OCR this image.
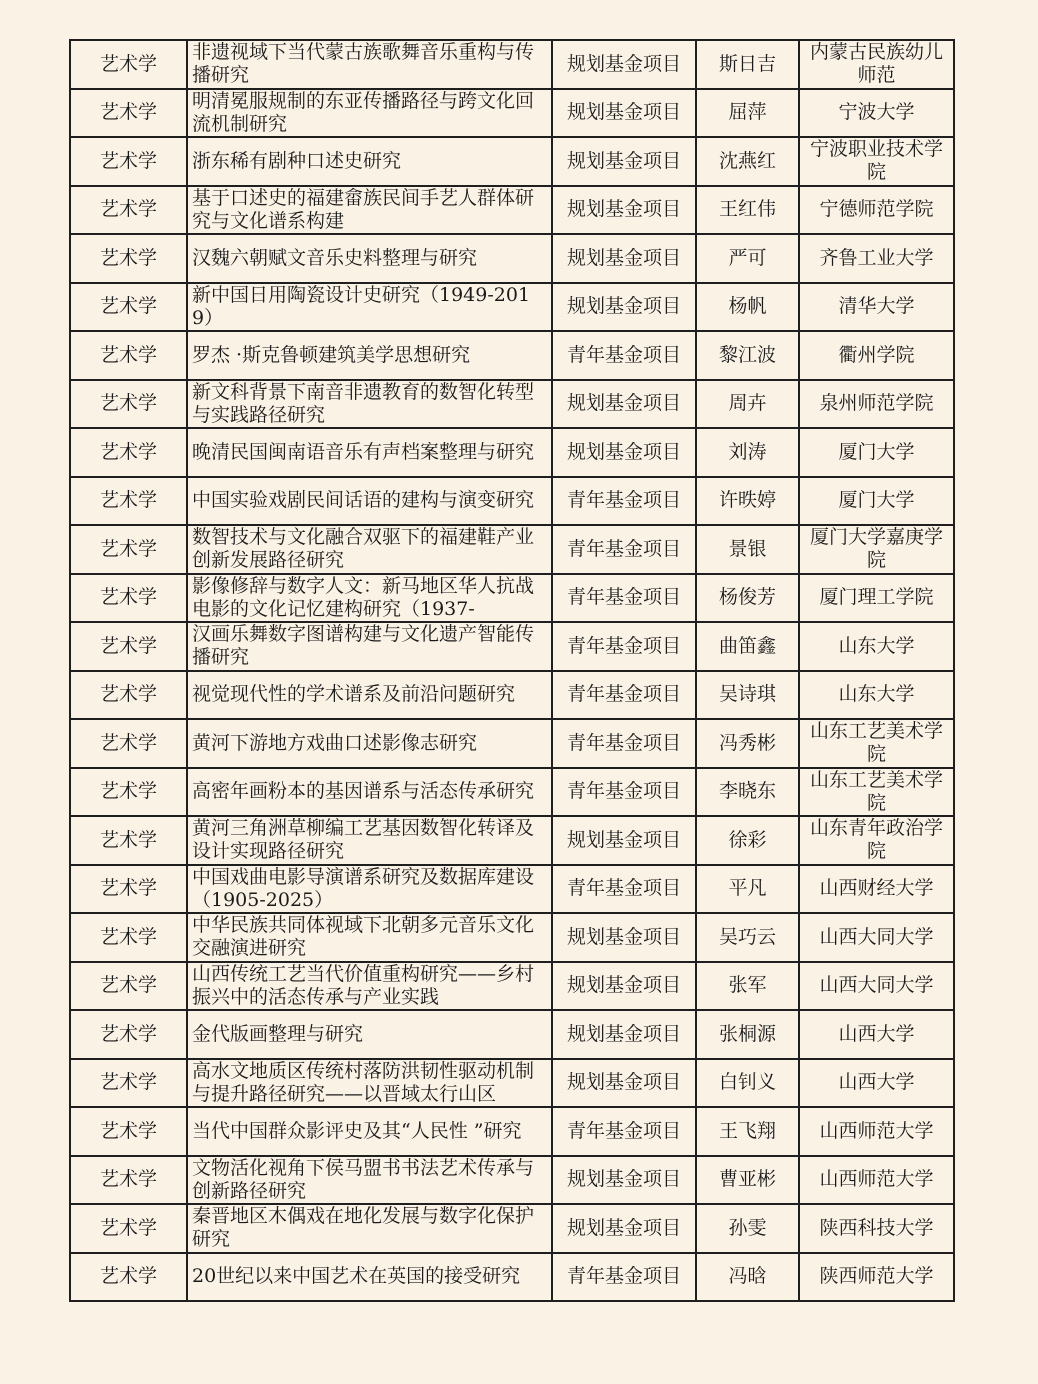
艺术学	非遗视域下当代蒙古族歌舞音乐重构与传播研究	规划基金项目	斯日吉	内蒙古民族幼儿师范

艺术学	明清冕服规制的东亚传播路径与跨文化回流机制研究	规划基金项目	屈萍	宁波大学

艺术学	浙东稀有剧种口述史研究	规划基金项目	沈燕红	宁波职业技术学院

艺术学	基于口述史的福建畲族民间手艺人群体研究与文化谱系构建	规划基金项目	王红伟	宁德师范学院

艺术学	汉魏六朝赋文音乐史料整理与研究	规划基金项目	严可	齐鲁工业大学

艺术学	新中国日用陶瓷设计史研究（1949-2019）	规划基金项目	杨帆	清华大学

艺术学	罗杰 ·斯克鲁顿建筑美学思想研究	青年基金项目	黎江波	衢州学院

艺术学	新文科背景下南音非遗教育的数智化转型与实践路径研究	规划基金项目	周卉	泉州师范学院

艺术学	晚清民国闽南语音乐有声档案整理与研究	规划基金项目	刘涛	厦门大学

艺术学	中国实验戏剧民间话语的建构与演变研究	青年基金项目	许昳婷	厦门大学

艺术学	数智技术与文化融合双驱下的福建鞋产业创新发展路径研究	青年基金项目	景银	厦门大学嘉庚学院

艺术学	影像修辞与数字人文：新马地区华人抗战电影的文化记忆建构研究（1937-	青年基金项目	杨俊芳	厦门理工学院

艺术学	汉画乐舞数字图谱构建与文化遗产智能传播研究	青年基金项目	曲笛鑫	山东大学

艺术学	视觉现代性的学术谱系及前沿问题研究	青年基金项目	吴诗琪	山东大学

艺术学	黄河下游地方戏曲口述影像志研究	青年基金项目	冯秀彬	山东工艺美术学院

艺术学	高密年画粉本的基因谱系与活态传承研究	青年基金项目	李晓东	山东工艺美术学院

艺术学	黄河三角洲草柳编工艺基因数智化转译及设计实现路径研究	规划基金项目	徐彩	山东青年政治学院

艺术学	中国戏曲电影导演谱系研究及数据库建设（1905-2025）	青年基金项目	平凡	山西财经大学

艺术学	中华民族共同体视域下北朝多元音乐文化交融演进研究	规划基金项目	吴巧云	山西大同大学

艺术学	山西传统工艺当代价值重构研究——乡村振兴中的活态传承与产业实践	规划基金项目	张军	山西大同大学

艺术学	金代版画整理与研究	规划基金项目	张桐源	山西大学

艺术学	高水文地质区传统村落防洪韧性驱动机制与提升路径研究——以晋域太行山区	规划基金项目	白钊义	山西大学

艺术学	当代中国群众影评史及其“人民性 ”研究	青年基金项目	王飞翔	山西师范大学

艺术学	文物活化视角下侯马盟书书法艺术传承与创新路径研究	规划基金项目	曹亚彬	山西师范大学

艺术学	秦晋地区木偶戏在地化发展与数字化保护研究	规划基金项目	孙雯	陕西科技大学

艺术学	20世纪以来中国艺术在英国的接受研究	青年基金项目	冯晗	陕西师范大学
